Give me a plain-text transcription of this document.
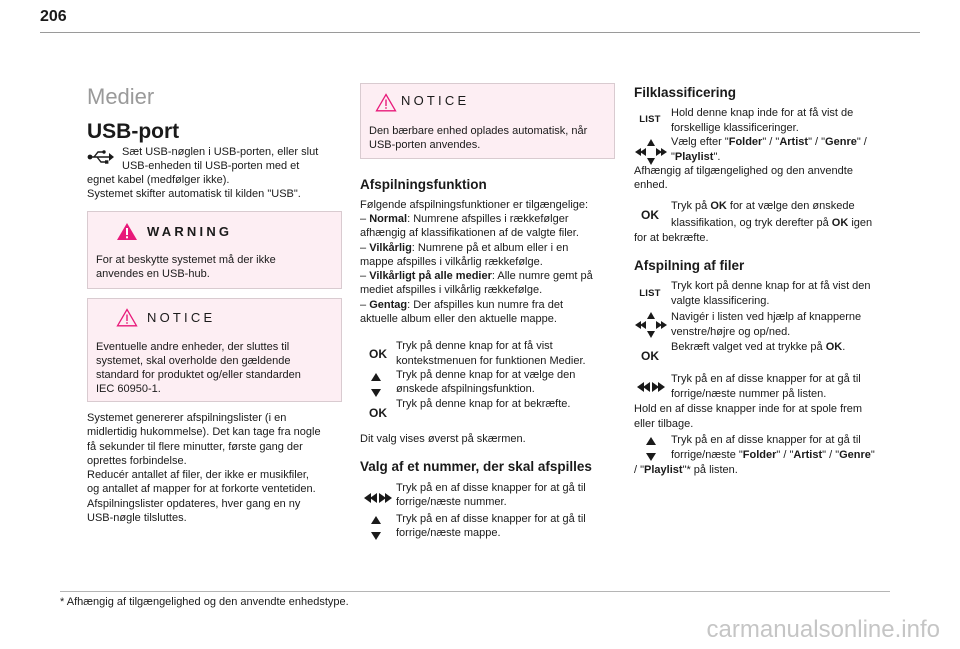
206
Medier
USB-port
Sæt USB-nøglen i USB-porten, eller slut
USB-enheden til USB-porten med et
egnet kabel (medfølger ikke).
Systemet skifter automatisk til kilden "USB".
WARNING
For at beskytte systemet må der ikke
anvendes en USB-hub.
NOTICE
Eventuelle andre enheder, der sluttes til
systemet, skal overholde den gældende
standard for produktet og/eller standarden
IEC 60950-1.
Systemet genererer afspilningslister (i en
midlertidig hukommelse). Det kan tage fra nogle
få sekunder til flere minutter, første gang der
oprettes forbindelse.
Reducér antallet af filer, der ikke er musikfiler,
og antallet af mapper for at forkorte ventetiden.
Afspilningslister opdateres, hver gang en ny
USB-nøgle tilsluttes.
NOTICE
Den bærbare enhed oplades automatisk, når
USB-porten anvendes.
Afspilningsfunktion
Følgende afspilningsfunktioner er tilgængelige:
– Normal: Numrene afspilles i rækkefølger
afhængig af klassifikationen af de valgte filer.
– Vilkårlig: Numrene på et album eller i en
mappe afspilles i vilkårlig rækkefølge.
– Vilkårligt på alle medier: Alle numre gemt på
mediet afspilles i vilkårlig rækkefølge.
– Gentag: Der afspilles kun numre fra det
aktuelle album eller den aktuelle mappe.
OK
Tryk på denne knap for at få vist
kontekstmenuen for funktionen Medier.
Tryk på denne knap for at vælge den
ønskede afspilningsfunktion.
OK
Tryk på denne knap for at bekræfte.
Dit valg vises øverst på skærmen.
Valg af et nummer, der skal afspilles
Tryk på en af disse knapper for at gå til
forrige/næste nummer.
Tryk på en af disse knapper for at gå til
forrige/næste mappe.
Filklassificering
LIST Hold denne knap inde for at få vist de
forskellige klassificeringer.
Vælg efter "Folder" / "Artist" / "Genre" /
"Playlist".
Afhængig af tilgængelighed og den anvendte
enhed.
OK
Tryk på OK for at vælge den ønskede
klassifikation, og tryk derefter på OK igen
for at bekræfte.
Afspilning af filer
LIST
Tryk kort på denne knap for at få vist den
valgte klassificering.
Navigér i listen ved hjælp af knapperne
venstre/højre og op/ned.
OK
Bekræft valget ved at trykke på OK.
Tryk på en af disse knapper for at gå til
forrige/næste nummer på listen.
Hold en af disse knapper inde for at spole frem
eller tilbage.
Tryk på en af disse knapper for at gå til
forrige/næste "Folder" / "Artist" / "Genre"
/ "Playlist"* på listen.
* Afhængig af tilgængelighed og den anvendte enhedstype.
carmanualsonline.info
